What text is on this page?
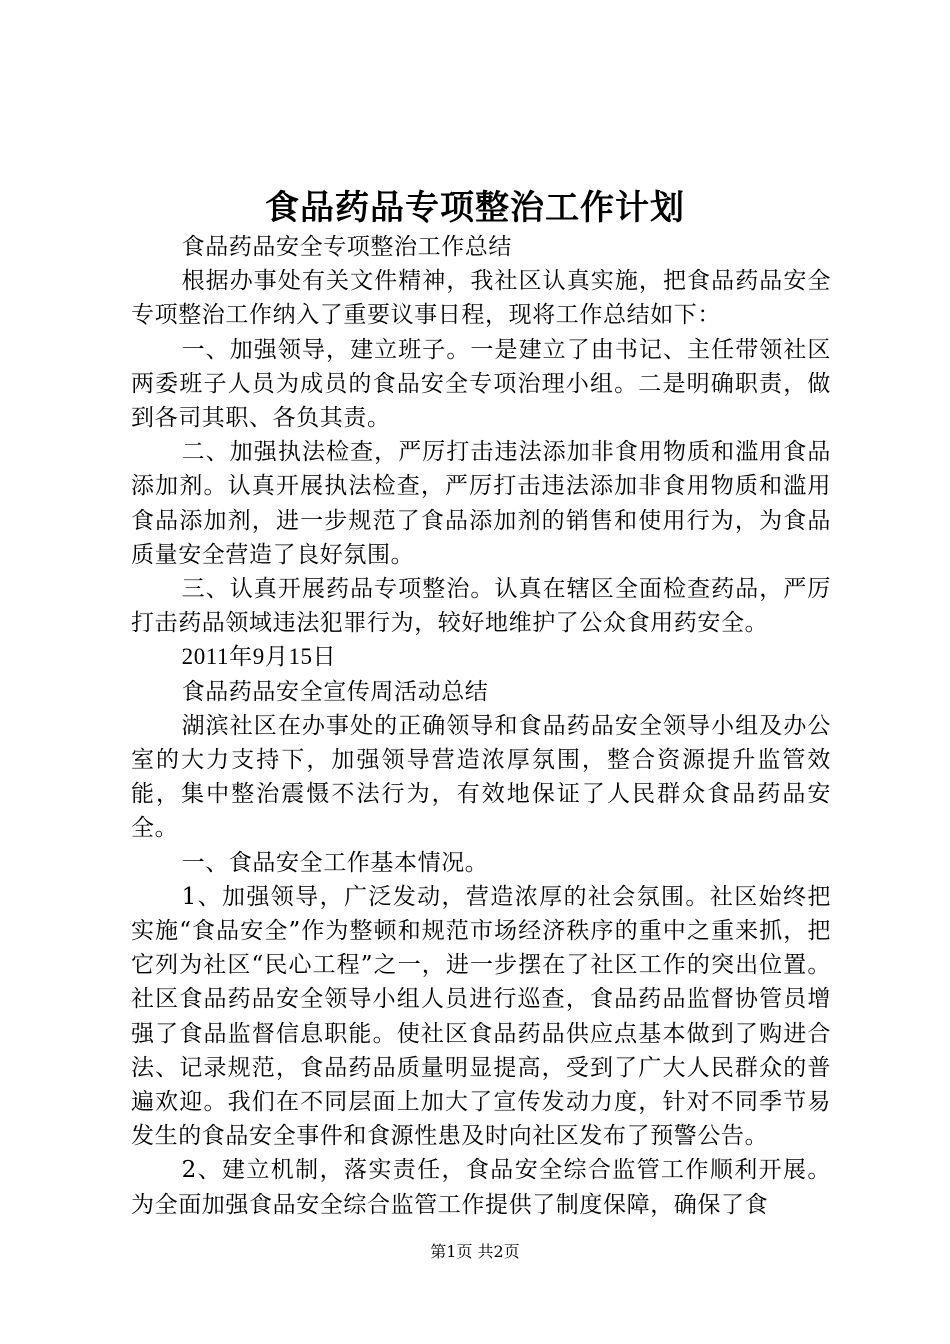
食品药品专项整治工作计划

食品药品安全专项整治工作总结

根据办事处有关文件精神，我社区认真实施，把食品药品安全专项整治工作纳入了重要议事日程，现将工作总结如下：

一、加强领导，建立班子。一是建立了由书记、主任带领社区两委班子人员为成员的食品安全专项治理小组。二是明确职责，做到各司其职、各负其责。

二、加强执法检查，严厉打击违法添加非食用物质和滥用食品添加剂。认真开展执法检查，严厉打击违法添加非食用物质和滥用食品添加剂，进一步规范了食品添加剂的销售和使用行为，为食品质量安全营造了良好氛围。

三、认真开展药品专项整治。认真在辖区全面检查药品，严厉打击药品领域违法犯罪行为，较好地维护了公众食用药安全。

2011年9月15日

食品药品安全宣传周活动总结

湖滨社区在办事处的正确领导和食品药品安全领导小组及办公室的大力支持下，加强领导营造浓厚氛围，整合资源提升监管效能，集中整治震慑不法行为，有效地保证了人民群众食品药品安全。

一、食品安全工作基本情况。

1、加强领导，广泛发动，营造浓厚的社会氛围。社区始终把实施“食品安全”作为整顿和规范市场经济秩序的重中之重来抓，把它列为社区“民心工程”之一，进一步摆在了社区工作的突出位置。社区食品药品安全领导小组人员进行巡查，食品药品监督协管员增强了食品监督信息职能。使社区食品药品供应点基本做到了购进合法、记录规范，食品药品质量明显提高，受到了广大人民群众的普遍欢迎。我们在不同层面上加大了宣传发动力度，针对不同季节易发生的食品安全事件和食源性患及时向社区发布了预警公告。

2、建立机制，落实责任，食品安全综合监管工作顺利开展。为全面加强食品安全综合监管工作提供了制度保障，确保了食

第1页 共2页
